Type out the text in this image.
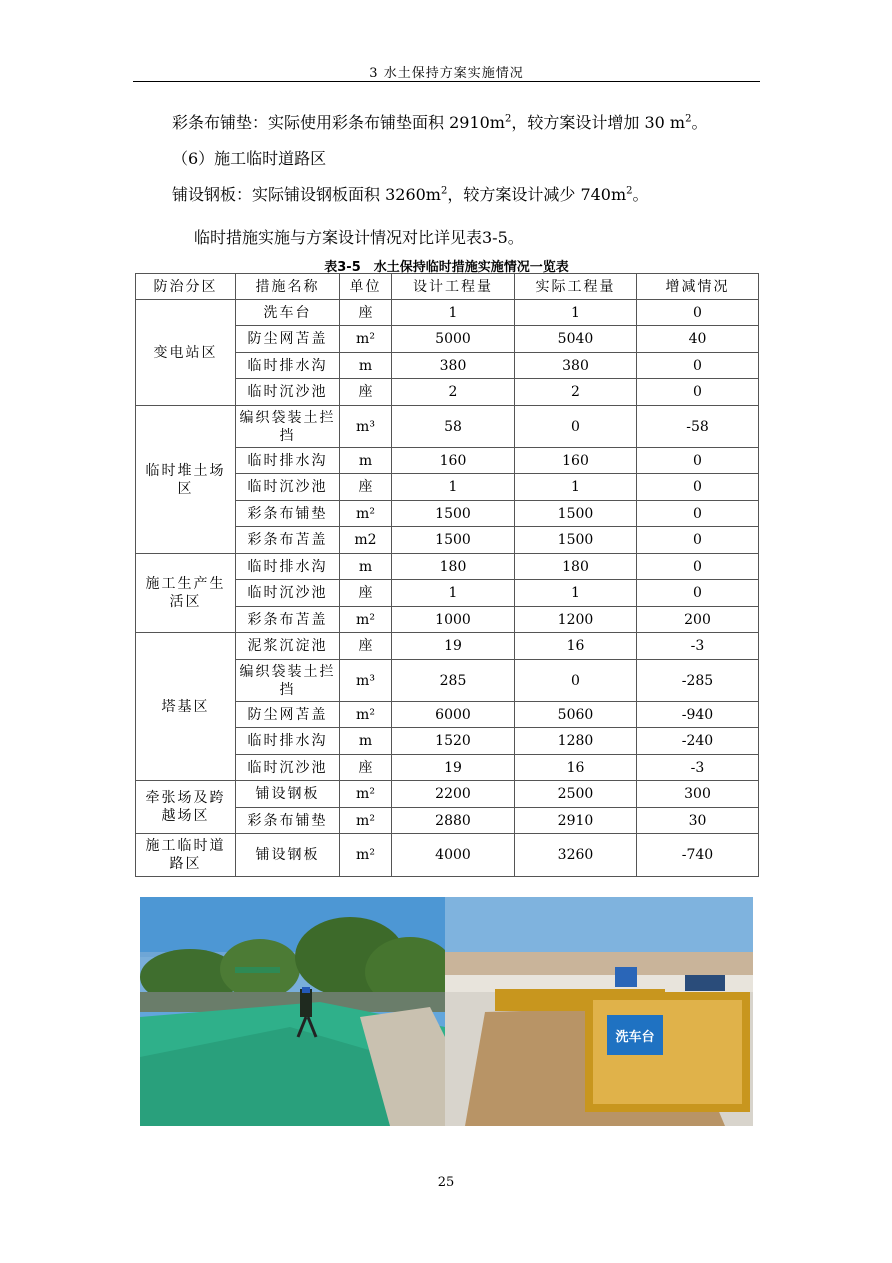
3 水土保持方案实施情况
彩条布铺垫：实际使用彩条布铺垫面积 $2910m^2$，较方案设计增加 30 $m^2$。
（6）施工临时道路区
铺设钢板：实际铺设钢板面积 $3260m^2$，较方案设计减少 $740m^2$。
临时措施实施与方案设计情况对比详见表3-5。
表3-5　水土保持临时措施实施情况一览表
防治分区	措施名称	单位	设计工程量	实际工程量	增减情况
变电站区	洗车台	座	1	1	0
	防尘网苫盖	m²	5000	5040	40
	临时排水沟	m	380	380	0
	临时沉沙池	座	2	2	0
临时堆土场区	编织袋装土拦挡	m³	58	0	-58
	临时排水沟	m	160	160	0
	临时沉沙池	座	1	1	0
	彩条布铺垫	m²	1500	1500	0
	彩条布苫盖	m2	1500	1500	0
施工生产生活区	临时排水沟	m	180	180	0
	临时沉沙池	座	1	1	0
	彩条布苫盖	m²	1000	1200	200
塔基区	泥浆沉淀池	座	19	16	-3
	编织袋装土拦挡	m³	285	0	-285
	防尘网苫盖	m²	6000	5060	-940
	临时排水沟	m	1520	1280	-240
	临时沉沙池	座	19	16	-3
牵张场及跨越场区	铺设钢板	m²	2200	2500	300
	彩条布铺垫	m²	2880	2910	30
施工临时道路区	铺设钢板	m²	4000	3260	-740
洗车台
25
